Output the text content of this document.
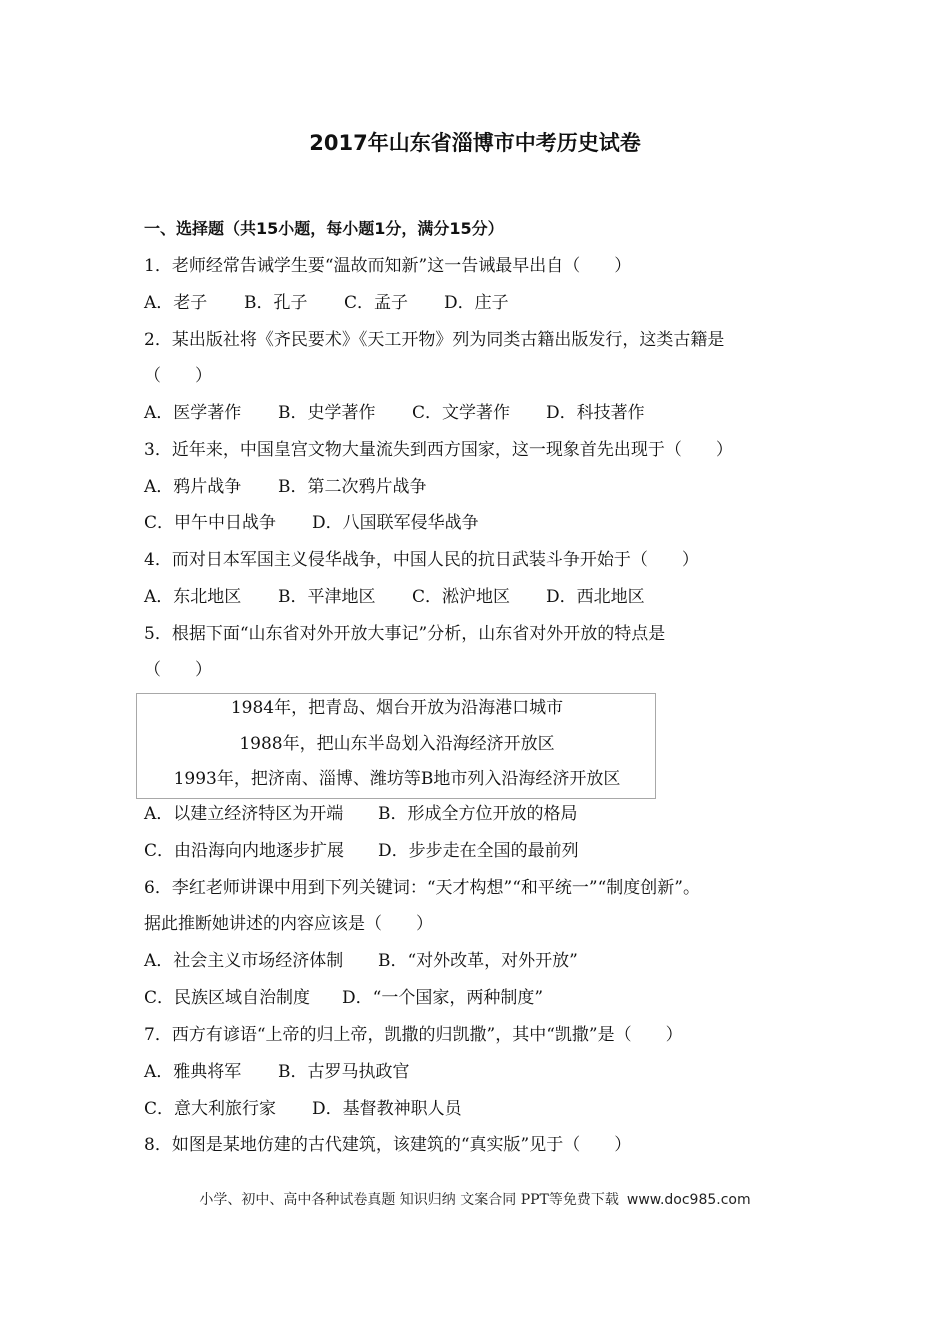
2017年山东省淄博市中考历史试卷
一、选择题（共15小题，每小题1分，满分15分）
1．老师经常告诫学生要“温故而知新”这一告诫最早出自（　　）
A．老子 B．孔子 C．孟子 D．庄子
2．某出版社将《齐民要术》《天工开物》列为同类古籍出版发行，这类古籍是
（　　）
A．医学著作 B．史学著作 C．文学著作 D．科技著作
3．近年来，中国皇宫文物大量流失到西方国家，这一现象首先出现于（　　）
A．鸦片战争 B．第二次鸦片战争
C．甲午中日战争 D．八国联军侵华战争
4．而对日本军国主义侵华战争，中国人民的抗日武装斗争开始于（　　）
A．东北地区 B．平津地区 C．淞沪地区 D．西北地区
5．根据下面“山东省对外开放大事记”分析，山东省对外开放的特点是
（　　）
1984年，把青岛、烟台开放为沿海港口城市
1988年，把山东半岛划入沿海经济开放区
1993年，把济南、淄博、潍坊等B地市列入沿海经济开放区
A．以建立经济特区为开端 B．形成全方位开放的格局
C．由沿海向内地逐步扩展 D．步步走在全国的最前列
6．李红老师讲课中用到下列关键词：“天才构想”“和平统一”“制度创新”。
据此推断她讲述的内容应该是（　　）
A．社会主义市场经济体制 B．“对外改革，对外开放”
C．民族区域自治制度 D．“一个国家，两种制度”
7．西方有谚语“上帝的归上帝，凯撒的归凯撒”，其中“凯撒”是（　　）
A．雅典将军 B．古罗马执政官
C．意大利旅行家 D．基督教神职人员
8．如图是某地仿建的古代建筑，该建筑的“真实版”见于（　　）
小学、初中、高中各种试卷真题 知识归纳 文案合同 PPT等免费下载 www.doc985.com
